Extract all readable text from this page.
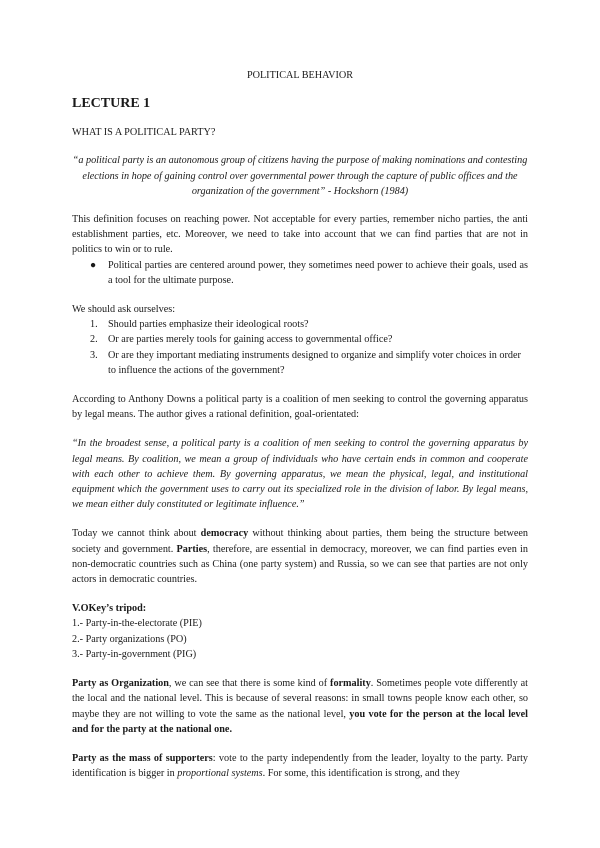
POLITICAL BEHAVIOR
LECTURE 1
WHAT IS A POLITICAL PARTY?
“a political party is an autonomous group of citizens having the purpose of making nominations and contesting elections in hope of gaining control over governmental power through the capture of public offices and the organization of the government” - Hockshorn (1984)

This definition focuses on reaching power. Not acceptable for every parties, remember nicho parties, the anti establishment parties, etc. Moreover, we need to take into account that we can find parties that are not in politics to win or to rule.

● Political parties are centered around power, they sometimes need power to achieve their goals, used as a tool for the ultimate purpose.

We should ask ourselves:

1. Should parties emphasize their ideological roots?
2. Or are parties merely tools for gaining access to governmental office?
3. Or are they important mediating instruments designed to organize and simplify voter choices in order to influence the actions of the government?

According to Anthony Downs a political party is a coalition of men seeking to control the governing apparatus by legal means. The author gives a rational definition, goal-orientated:

“In the broadest sense, a political party is a coalition of men seeking to control the governing apparatus by legal means. By coalition, we mean a group of individuals who have certain ends in common and cooperate with each other to achieve them. By governing apparatus, we mean the physical, legal, and institutional equipment which the government uses to carry out its specialized role in the division of labor. By legal means, we mean either duly constituted or legitimate influence.”

Today we cannot think about democracy without thinking about parties, them being the structure between society and government. Parties, therefore, are essential in democracy, moreover, we can find parties even in non-democratic countries such as China (one party system) and Russia, so we can see that parties are not only actors in democratic countries.

V.OKey’s tripod:
1.- Party-in-the-electorate (PIE)
2.- Party organizations (PO)
3.- Party-in-government (PIG)

Party as Organization, we can see that there is some kind of formality. Sometimes people vote differently at the local and the national level. This is because of several reasons: in small towns people know each other, so maybe they are not willing to vote the same as the national level, you vote for the person at the local level and for the party at the national one.

Party as the mass of supporters: vote to the party independently from the leader, loyalty to the party. Party identification is bigger in proportional systems. For some, this identification is strong, and they
